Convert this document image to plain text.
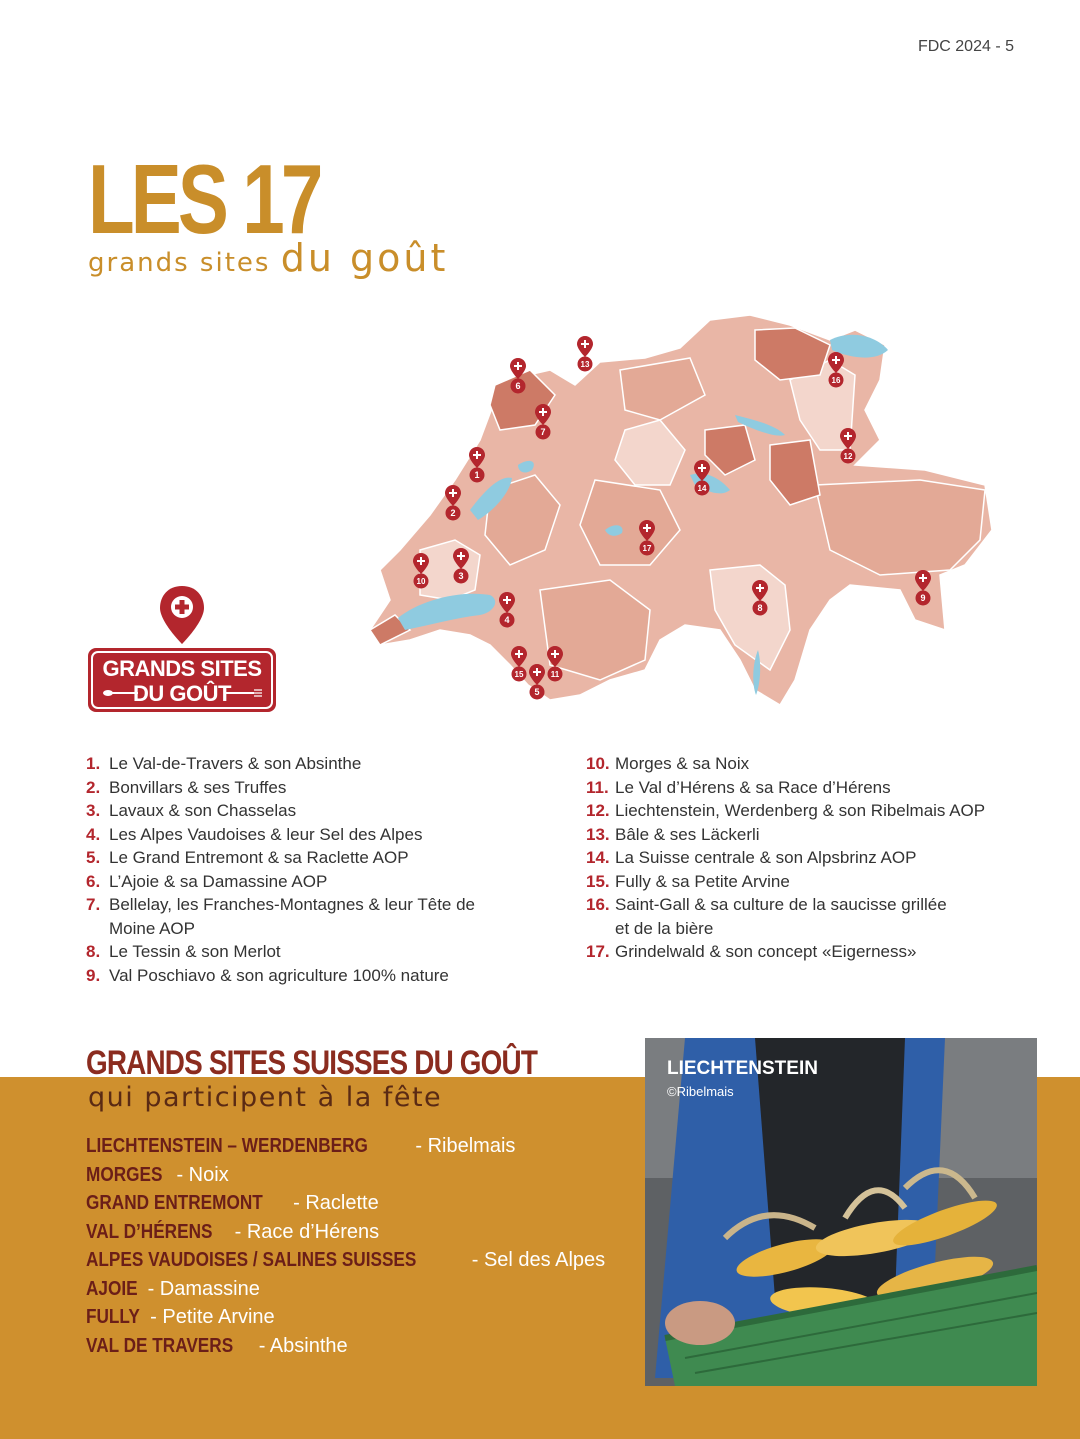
FDC 2024 - 5
LES 17
grands sites du goût
1
2
3
4
5
6
7
8
9
10
11
12
13
14
15
16
17
GRANDS SITES
DU GOÛT
1. Le Val-de-Travers & son Absinthe
2. Bonvillars & ses Truffes
3. Lavaux & son Chasselas
4. Les Alpes Vaudoises & leur Sel des Alpes
5. Le Grand Entremont & sa Raclette AOP
6. L’Ajoie & sa Damassine AOP
7. Bellelay, les Franches-Montagnes & leur Tête de
Moine AOP
8. Le Tessin & son Merlot
9. Val Poschiavo & son agriculture 100% nature
10. Morges & sa Noix
11. Le Val d’Hérens & sa Race d’Hérens
12. Liechtenstein, Werdenberg & son Ribelmais AOP
13. Bâle & ses Läckerli
14. La Suisse centrale & son Alpsbrinz AOP
15. Fully & sa Petite Arvine
16. Saint-Gall & sa culture de la saucisse grillée
et de la bière
17. Grindelwald & son concept «Eigerness»
GRANDS SITES SUISSES DU GOÛT
qui participent à la fête
LIECHTENSTEIN – WERDENBERG - Ribelmais
MORGES - Noix
GRAND ENTREMONT - Raclette
VAL D’HÉRENS - Race d’Hérens
ALPES VAUDOISES / SALINES SUISSES - Sel des Alpes
AJOIE - Damassine
FULLY - Petite Arvine
VAL DE TRAVERS - Absinthe
LIECHTENSTEIN
©Ribelmais
